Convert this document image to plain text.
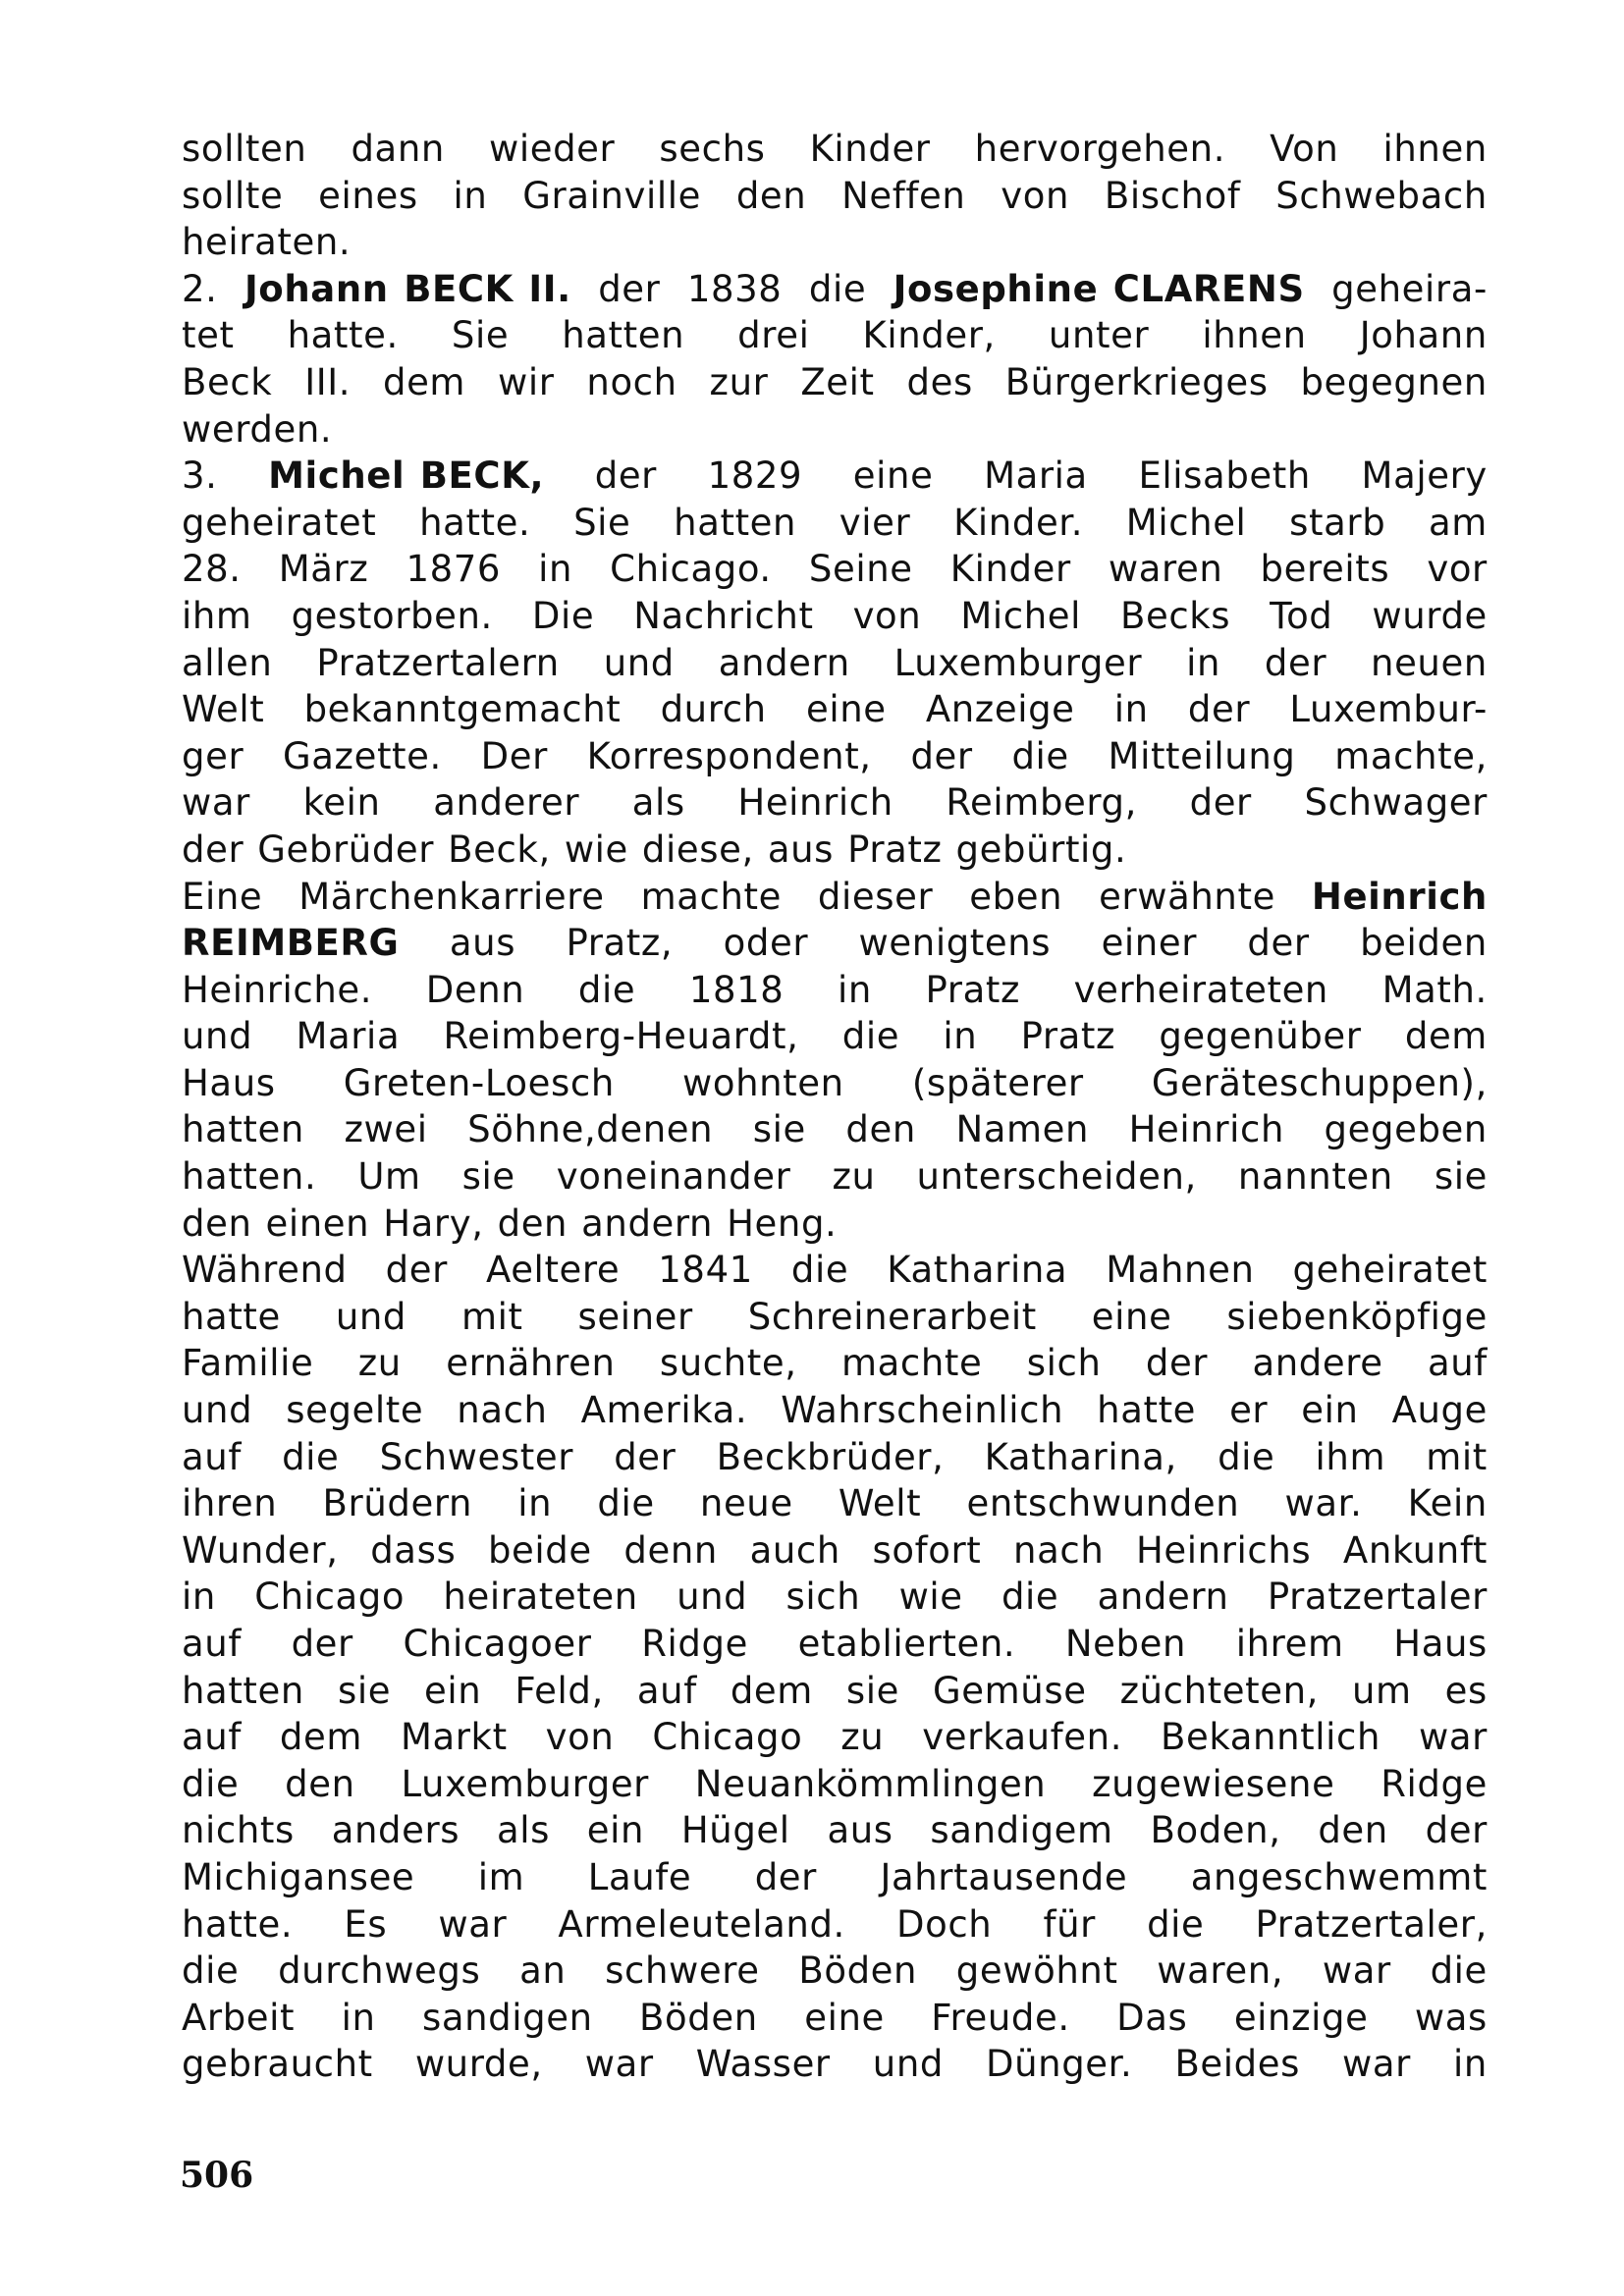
sollten dann wieder sechs Kinder hervorgehen. Von ihnen
sollte eines in Grainville den Neffen von Bischof Schwebach
heiraten.
2. Johann BECK II. der 1838 die Josephine CLARENS geheira-
tet hatte. Sie hatten drei Kinder, unter ihnen Johann
Beck III. dem wir noch zur Zeit des Bürgerkrieges begegnen
werden.
3. Michel BECK, der 1829 eine Maria Elisabeth Majery
geheiratet hatte. Sie hatten vier Kinder. Michel starb am
28. März 1876 in Chicago. Seine Kinder waren bereits vor
ihm gestorben. Die Nachricht von Michel Becks Tod wurde
allen Pratzertalern und andern Luxemburger in der neuen
Welt bekanntgemacht durch eine Anzeige in der Luxembur-
ger Gazette. Der Korrespondent, der die Mitteilung machte,
war kein anderer als Heinrich Reimberg, der Schwager
der Gebrüder Beck, wie diese, aus Pratz gebürtig.
Eine Märchenkarriere machte dieser eben erwähnte Heinrich
REIMBERG aus Pratz, oder wenigtens einer der beiden
Heinriche. Denn die 1818 in Pratz verheirateten Math.
und Maria Reimberg-Heuardt, die in Pratz gegenüber dem
Haus Greten-Loesch wohnten (späterer Geräteschuppen),
hatten zwei Söhne,denen sie den Namen Heinrich gegeben
hatten. Um sie voneinander zu unterscheiden, nannten sie
den einen Hary, den andern Heng.
Während der Aeltere 1841 die Katharina Mahnen geheiratet
hatte und mit seiner Schreinerarbeit eine siebenköpfige
Familie zu ernähren suchte, machte sich der andere auf
und segelte nach Amerika. Wahrscheinlich hatte er ein Auge
auf die Schwester der Beckbrüder, Katharina, die ihm mit
ihren Brüdern in die neue Welt entschwunden war. Kein
Wunder, dass beide denn auch sofort nach Heinrichs Ankunft
in Chicago heirateten und sich wie die andern Pratzertaler
auf der Chicagoer Ridge etablierten. Neben ihrem Haus
hatten sie ein Feld, auf dem sie Gemüse züchteten, um es
auf dem Markt von Chicago zu verkaufen. Bekanntlich war
die den Luxemburger Neuankömmlingen zugewiesene Ridge
nichts anders als ein Hügel aus sandigem Boden, den der
Michigansee im Laufe der Jahrtausende angeschwemmt
hatte. Es war Armeleuteland. Doch für die Pratzertaler,
die durchwegs an schwere Böden gewöhnt waren, war die
Arbeit in sandigen Böden eine Freude. Das einzige was
gebraucht wurde, war Wasser und Dünger. Beides war in
506
